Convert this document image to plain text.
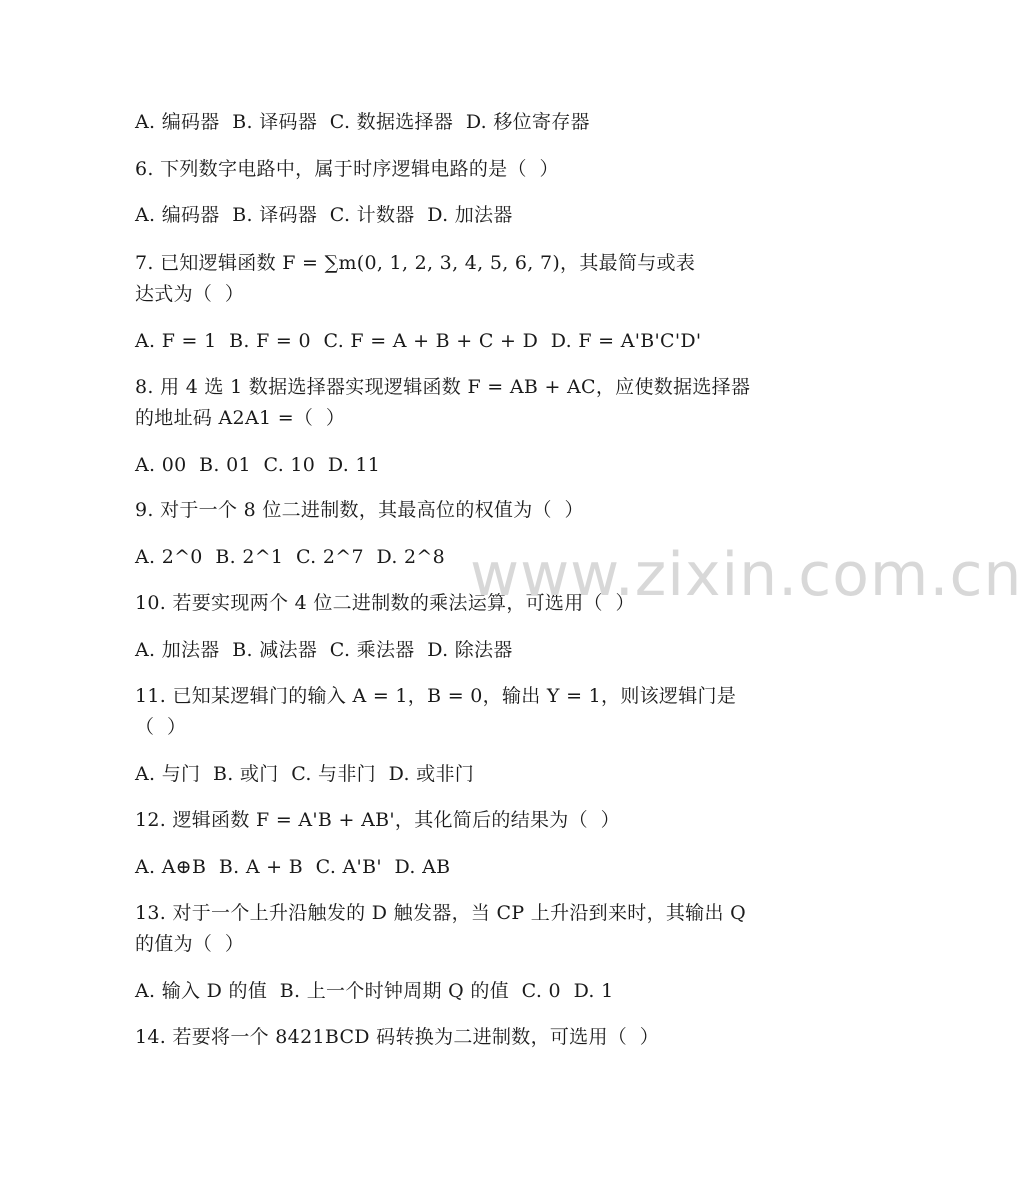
A. 编码器  B. 译码器  C. 数据选择器  D. 移位寄存器
6. 下列数字电路中，属于时序逻辑电路的是（  ）
A. 编码器  B. 译码器  C. 计数器  D. 加法器
7. 已知逻辑函数 F = ∑m(0, 1, 2, 3, 4, 5, 6, 7)，其最简与或表
达式为（  ）
A. F = 1  B. F = 0  C. F = A + B + C + D  D. F = A'B'C'D'
8. 用 4 选 1 数据选择器实现逻辑函数 F = AB + AC，应使数据选择器
的地址码 A2A1 =（  ）
A. 00  B. 01  C. 10  D. 11
9. 对于一个 8 位二进制数，其最高位的权值为（  ）
A. 2^0  B. 2^1  C. 2^7  D. 2^8
10. 若要实现两个 4 位二进制数的乘法运算，可选用（  ）
A. 加法器  B. 减法器  C. 乘法器  D. 除法器
11. 已知某逻辑门的输入 A = 1，B = 0，输出 Y = 1，则该逻辑门是
（  ）
A. 与门  B. 或门  C. 与非门  D. 或非门
12. 逻辑函数 F = A'B + AB'，其化简后的结果为（  ）
A. A⊕B  B. A + B  C. A'B'  D. AB
13. 对于一个上升沿触发的 D 触发器，当 CP 上升沿到来时，其输出 Q
的值为（  ）
A. 输入 D 的值  B. 上一个时钟周期 Q 的值  C. 0  D. 1
14. 若要将一个 8421BCD 码转换为二进制数，可选用（  ）
www.zixin.com.cn
